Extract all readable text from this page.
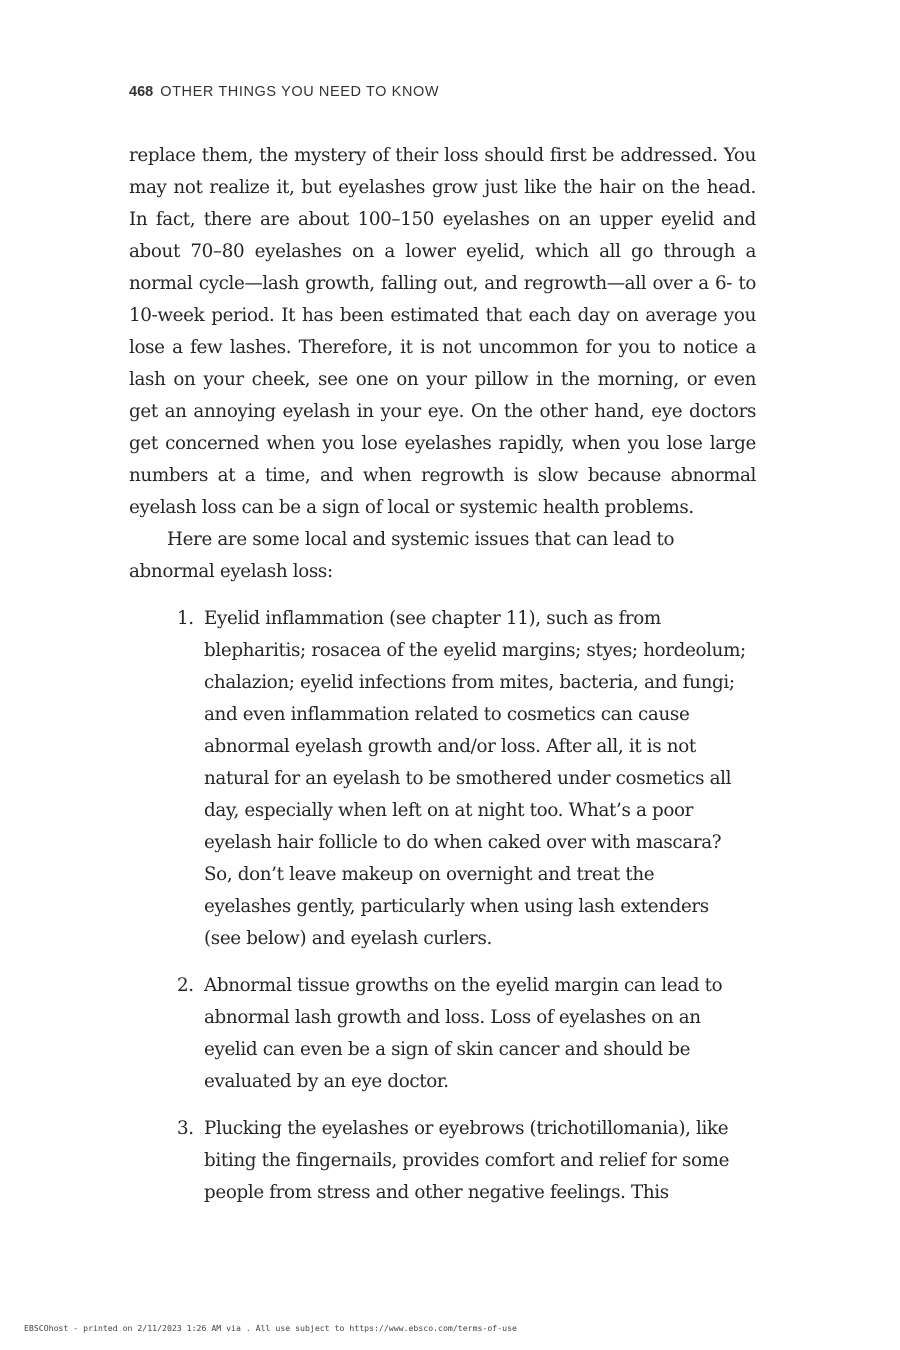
468 OTHER THINGS YOU NEED TO KNOW

replace them, the mystery of their loss should first be addressed. You may not realize it, but eyelashes grow just like the hair on the head. In fact, there are about 100–150 eyelashes on an upper eyelid and about 70–80 eyelashes on a lower eyelid, which all go through a normal cycle—lash growth, falling out, and regrowth—all over a 6- to 10-week period. It has been estimated that each day on average you lose a few lashes. Therefore, it is not uncommon for you to notice a lash on your cheek, see one on your pillow in the morning, or even get an annoying eyelash in your eye. On the other hand, eye doctors get concerned when you lose eyelashes rapidly, when you lose large numbers at a time, and when regrowth is slow because abnormal eyelash loss can be a sign of local or systemic health problems.

Here are some local and systemic issues that can lead to abnormal eyelash loss:

1. Eyelid inflammation (see chapter 11), such as from blepharitis; rosacea of the eyelid margins; styes; hordeolum; chalazion; eyelid infections from mites, bacteria, and fungi; and even inflammation related to cosmetics can cause abnormal eyelash growth and/or loss. After all, it is not natural for an eyelash to be smothered under cosmetics all day, especially when left on at night too. What’s a poor eyelash hair follicle to do when caked over with mascara? So, don’t leave makeup on overnight and treat the eyelashes gently, particularly when using lash extenders (see below) and eyelash curlers.
2. Abnormal tissue growths on the eyelid margin can lead to abnormal lash growth and loss. Loss of eyelashes on an eyelid can even be a sign of skin cancer and should be evaluated by an eye doctor.
3. Plucking the eyelashes or eyebrows (trichotillomania), like biting the fingernails, provides comfort and relief for some people from stress and other negative feelings. This
EBSCOhost - printed on 2/11/2023 1:26 AM via . All use subject to https://www.ebsco.com/terms-of-use
